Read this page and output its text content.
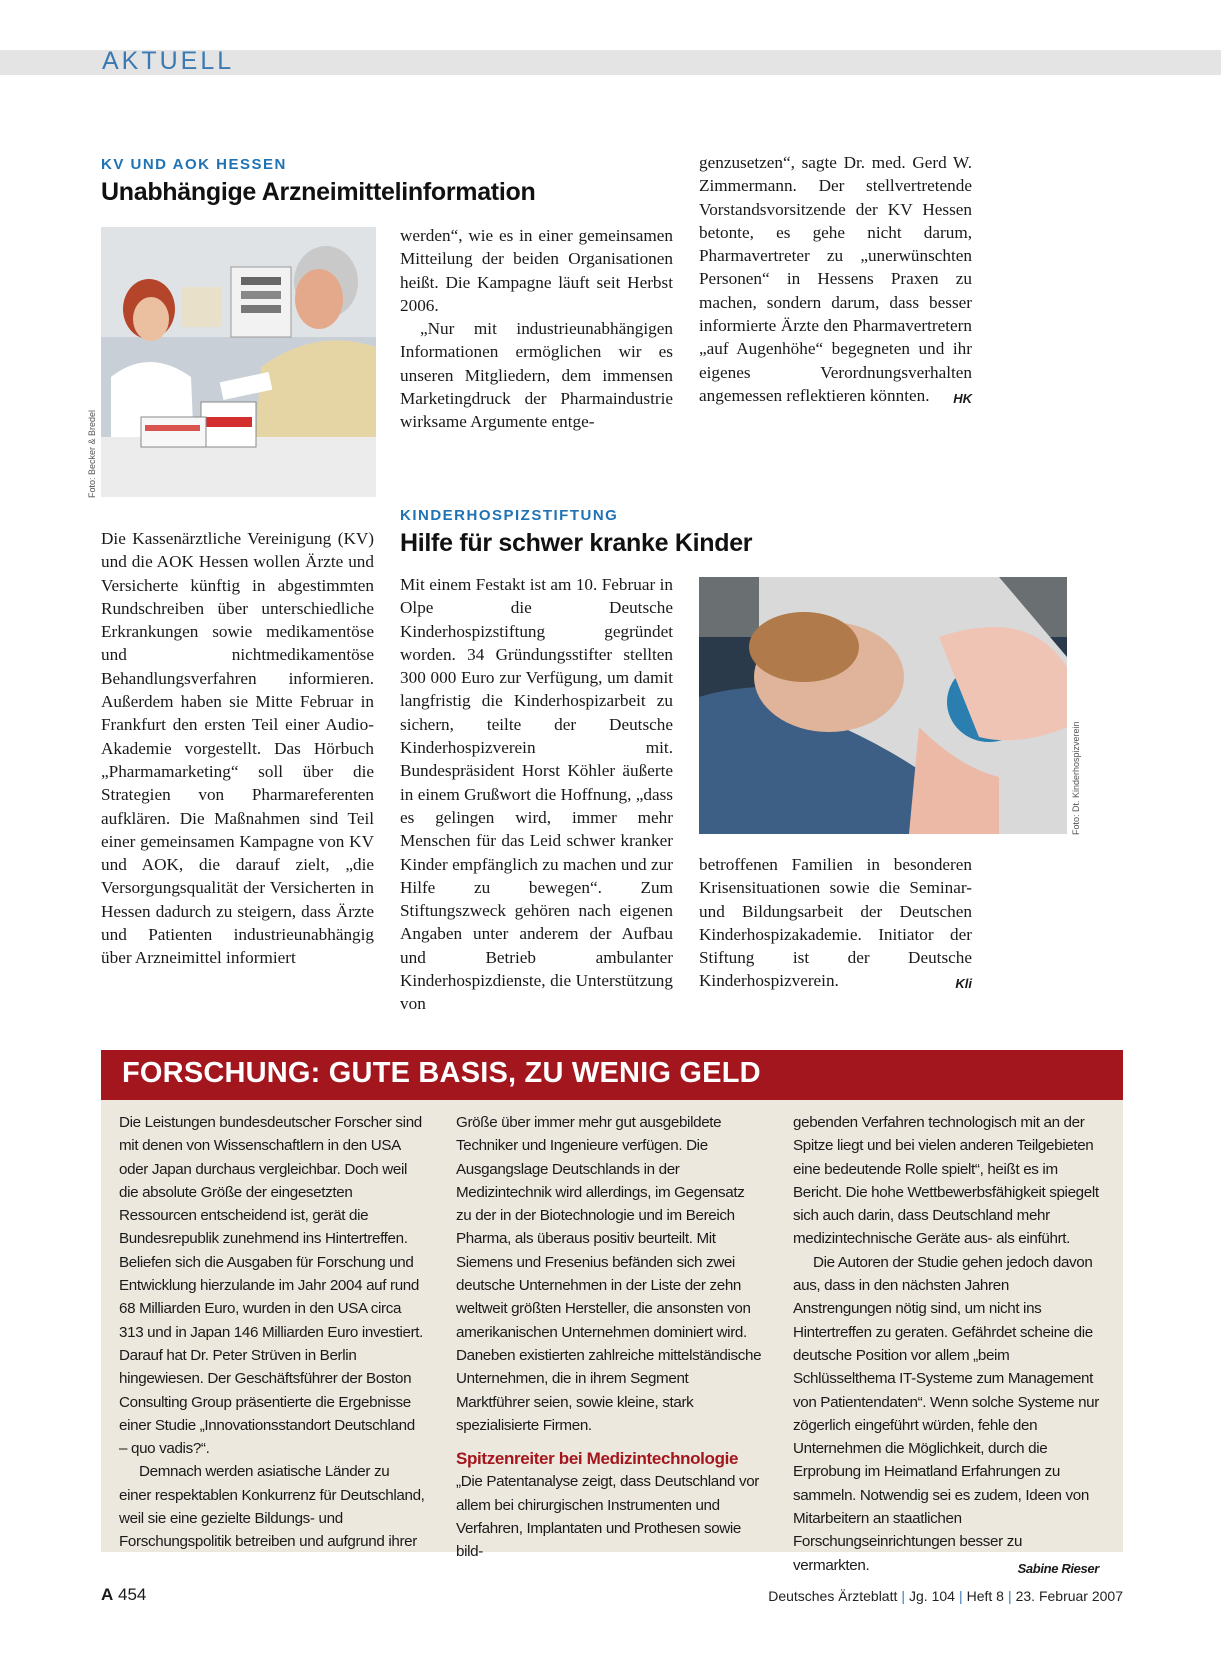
AKTUELL
KV UND AOK HESSEN
Unabhängige Arzneimittelinformation
Foto: Becker & Bredel

Die Kassenärztliche Vereinigung (KV) und die AOK Hessen wollen Ärzte und Versicherte künftig in abgestimmten Rundschreiben über unterschiedliche Erkrankungen sowie medikamentöse und nichtmedikamentöse Behandlungsverfahren informieren. Außerdem haben sie Mitte Februar in Frankfurt den ersten Teil einer Audio-Akademie vorgestellt. Das Hörbuch „Pharmamarketing“ soll über die Strategien von Pharmareferenten aufklären. Die Maßnahmen sind Teil einer gemeinsamen Kampagne von KV und AOK, die darauf zielt, „die Versorgungsqualität der Versicherten in Hessen dadurch zu steigern, dass Ärzte und Patienten industrieunabhängig über Arzneimittel informiert

werden“, wie es in einer gemeinsamen Mitteilung der beiden Organisationen heißt. Die Kampagne läuft seit Herbst 2006.

„Nur mit industrieunabhängigen Informationen ermöglichen wir es unseren Mitgliedern, dem immensen Marketingdruck der Pharmaindustrie wirksame Argumente entge-

genzusetzen“, sagte Dr. med. Gerd W. Zimmermann. Der stellvertretende Vorstandsvorsitzende der KV Hessen betonte, es gehe nicht darum, Pharmavertreter zu „unerwünschten Personen“ in Hessens Praxen zu machen, sondern darum, dass besser informierte Ärzte den Pharmavertretern „auf Augenhöhe“ begegneten und ihr eigenes Verordnungsverhalten angemessen reflektieren könnten. HK

KINDERHOSPIZSTIFTUNG
Hilfe für schwer kranke Kinder

Mit einem Festakt ist am 10. Februar in Olpe die Deutsche Kinderhospizstiftung gegründet worden. 34 Gründungsstifter stellten 300 000 Euro zur Verfügung, um damit langfristig die Kinderhospizarbeit zu sichern, teilte der Deutsche Kinderhospizverein mit. Bundespräsident Horst Köhler äußerte in einem Grußwort die Hoffnung, „dass es gelingen wird, immer mehr Menschen für das Leid schwer kranker Kinder empfänglich zu machen und zur Hilfe zu bewegen“. Zum Stiftungszweck gehören nach eigenen Angaben unter anderem der Aufbau und Betrieb ambulanter Kinderhospizdienste, die Unterstützung von

Foto: Dt. Kinderhospizverein

betroffenen Familien in besonderen Krisensituationen sowie die Seminar- und Bildungsarbeit der Deutschen Kinderhospizakademie. Initiator der Stiftung ist der Deutsche Kinderhospizverein.	Kli

FORSCHUNG: GUTE BASIS, ZU WENIG GELD

Die Leistungen bundesdeutscher Forscher sind mit denen von Wissenschaftlern in den USA oder Japan durchaus vergleichbar. Doch weil die absolute Größe der eingesetzten Ressourcen entscheidend ist, gerät die Bundesrepublik zunehmend ins Hintertreffen. Beliefen sich die Ausgaben für Forschung und Entwicklung hierzulande im Jahr 2004 auf rund 68 Milliarden Euro, wurden in den USA circa 313 und in Japan 146 Milliarden Euro investiert. Darauf hat Dr. Peter Strüven in Berlin hingewiesen. Der Geschäftsführer der Boston Consulting Group präsentierte die Ergebnisse einer Studie „Innovationsstandort Deutschland – quo vadis?“.

Demnach werden asiatische Länder zu einer respektablen Konkurrenz für Deutschland, weil sie eine gezielte Bildungs- und Forschungspolitik betreiben und aufgrund ihrer

Größe über immer mehr gut ausgebildete Techniker und Ingenieure verfügen. Die Ausgangslage Deutschlands in der Medizintechnik wird allerdings, im Gegensatz zu der in der Biotechnologie und im Bereich Pharma, als überaus positiv beurteilt. Mit Siemens und Fresenius befänden sich zwei deutsche Unternehmen in der Liste der zehn weltweit größten Hersteller, die ansonsten von amerikanischen Unternehmen dominiert wird. Daneben existierten zahlreiche mittelständische Unternehmen, die in ihrem Segment Marktführer seien, sowie kleine, stark spezialisierte Firmen.

Spitzenreiter bei Medizintechnologie

„Die Patentanalyse zeigt, dass Deutschland vor allem bei chirurgischen Instrumenten und Verfahren, Implantaten und Prothesen sowie bild-

gebenden Verfahren technologisch mit an der Spitze liegt und bei vielen anderen Teilgebieten eine bedeutende Rolle spielt“, heißt es im Bericht. Die hohe Wettbewerbsfähigkeit spiegelt sich auch darin, dass Deutschland mehr medizintechnische Geräte aus- als einführt.

Die Autoren der Studie gehen jedoch davon aus, dass in den nächsten Jahren Anstrengungen nötig sind, um nicht ins Hintertreffen zu geraten. Gefährdet scheine die deutsche Position vor allem „beim Schlüsselthema IT-Systeme zum Management von Patientendaten“. Wenn solche Systeme nur zögerlich eingeführt würden, fehle den Unternehmen die Möglichkeit, durch die Erprobung im Heimatland Erfahrungen zu sammeln. Notwendig sei es zudem, Ideen von Mitarbeitern an staatlichen Forschungseinrichtungen besser zu vermarkten.	Sabine Rieser

A 454	Deutsches Ärzteblatt | Jg. 104 | Heft 8 | 23. Februar 2007
